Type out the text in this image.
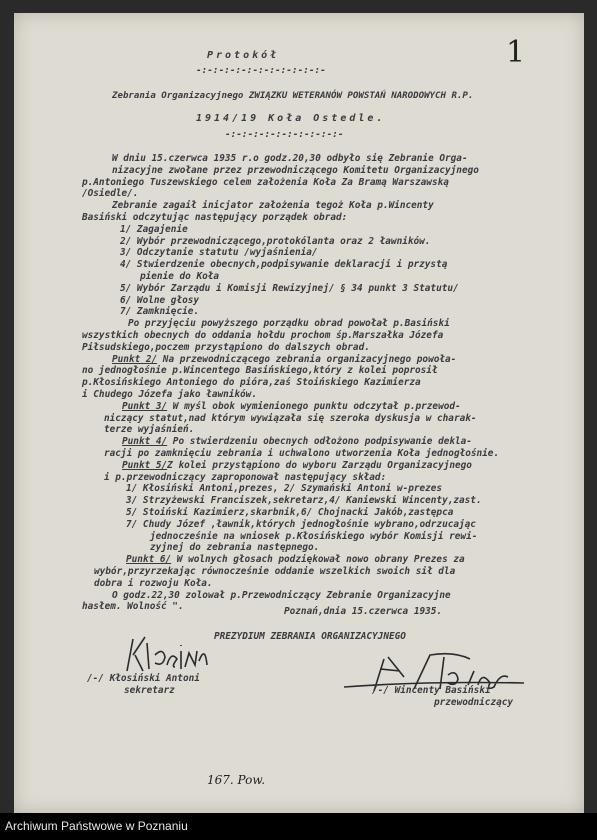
1
Protokół
-:-:-:-:-:-:-:-:-:-:-:-
Zebrania Organizacyjnego ZWIĄZKU WETERANÓW POWSTAŃ NARODOWYCH R.P.
1914/19 Koła Ostedle.
-:-:-:-:-:-:-:-:-:-:-
W dniu 15.czerwca 1935 r.o godz.20,30 odbyło się Zebranie Orga-
nizacyjne zwołane przez przewodniczącego Komitetu Organizacyjnego
p.Antoniego Tuszewskiego celem założenia Koła Za Bramą Warszawską
/Osiedle/.
Zebranie zagaił inicjator założenia tegoż Koła p.Wincenty
Basiński odczytując następujący porządek obrad:
1/ Zagajenie
2/ Wybór przewodniczącego,protokólanta oraz 2 ławników.
3/ Odczytanie statutu /wyjaśnienia/
4/ Stwierdzenie obecnych,podpisywanie deklaracji i przystą
pienie do Koła
5/ Wybór Zarządu i Komisji Rewizyjnej/ § 34 punkt 3 Statutu/
6/ Wolne głosy
7/ Zamknięcie.
Po przyjęciu powyższego porządku obrad powołał p.Basiński
wszystkich obecnych do oddania hołdu prochom śp.Marszałka Józefa
Piłsudskiego,poczem przystąpiono do dalszych obrad.
Punkt 2/ Na przewodniczącego zebrania organizacyjnego powoła-
no jednogłośnie p.Wincentego Basińskiego,który z kolei poprosił
p.Kłosińskiego Antoniego do pióra,zaś Stoińskiego Kazimierza
i Chudego Józefa jako ławników.
Punkt 3/ W myśl obok wymienionego punktu odczytał p.przewod-
niczący statut,nad którym wywiązała się szeroka dyskusja w charak-
terze wyjaśnień.
Punkt 4/ Po stwierdzeniu obecnych odłożono podpisywanie dekla-
racji po zamknięciu zebrania i uchwalono utworzenia Koła jednogłośnie.
Punkt 5/Z kolei przystąpiono do wyboru Zarządu Organizacyjnego
i p.przewodniczący zaproponował następujący skład:
1/ Kłosiński Antoni,prezes, 2/ Szymański Antoni w-prezes
3/ Strzyżewski Franciszek,sekretarz,4/ Kaniewski Wincenty,zast.
5/ Stoiński Kazimierz,skarbnik,6/ Chojnacki Jakób,zastępca
7/ Chudy Józef ,ławnik,których jednogłośnie wybrano,odrzucając
jednocześnie na wniosek p.Kłosińskiego wybór Komisji rewi-
zyjnej do zebrania następnego.
Punkt 6/ W wolnych głosach podziękował nowo obrany Prezes za
wybór,przyrzekając równocześnie oddanie wszelkich swoich sił dla
dobra i rozwoju Koła.
O godz.22,30 zolował p.Przewodniczący Zebranie Organizacyjne
hasłem. Wolność ".	Poznań,dnia 15.czerwca 1935.
PREZYDIUM ZEBRANIA ORGANIZACYJNEGO
/-/ Kłosiński Antoni
sekretarz	/-/ Wincenty Basiński
przewodniczący
167. Pow.
Archiwum Państwowe w Poznaniu
